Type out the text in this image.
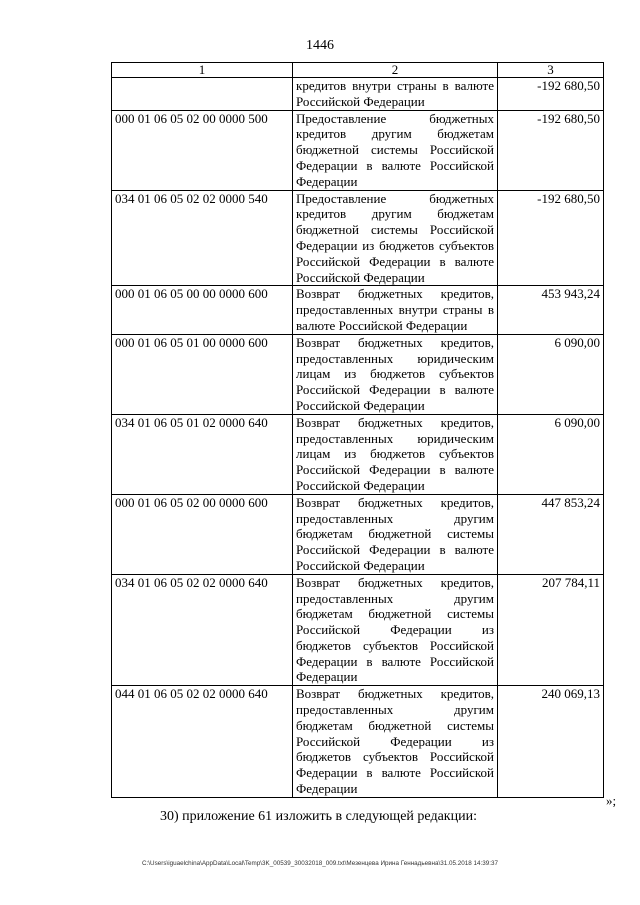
1446
1	2	3
	кредитов внутри страны в валюте Российской Федерации	-192 680,50
000 01 06 05 02 00 0000 500	Предоставление бюджетных кредитов другим бюджетам бюджетной системы Российской Федерации в валюте Российской Федерации	-192 680,50
034 01 06 05 02 02 0000 540	Предоставление бюджетных кредитов другим бюджетам бюджетной системы Российской Федерации из бюджетов субъектов Российской Федерации в валюте Российской Федерации	-192 680,50
000 01 06 05 00 00 0000 600	Возврат бюджетных кредитов, предоставленных внутри страны в валюте Российской Федерации	453 943,24
000 01 06 05 01 00 0000 600	Возврат бюджетных кредитов, предоставленных юридическим лицам из бюджетов субъектов Российской Федерации в валюте Российской Федерации	6 090,00
034 01 06 05 01 02 0000 640	Возврат бюджетных кредитов, предоставленных юридическим лицам из бюджетов субъектов Российской Федерации в валюте Российской Федерации	6 090,00
000 01 06 05 02 00 0000 600	Возврат бюджетных кредитов, предоставленных другим бюджетам бюджетной системы Российской Федерации в валюте Российской Федерации	447 853,24
034 01 06 05 02 02 0000 640	Возврат бюджетных кредитов, предоставленных другим бюджетам бюджетной системы Российской Федерации из бюджетов субъектов Российской Федерации в валюте Российской Федерации	207 784,11
044 01 06 05 02 02 0000 640	Возврат бюджетных кредитов, предоставленных другим бюджетам бюджетной системы Российской Федерации из бюджетов субъектов Российской Федерации в валюте Российской Федерации	240 069,13
»;
30) приложение 61 изложить в следующей редакции:
C:\Users\iguaelchina\AppData\Local\Temp\3K_00539_30032018_009.txt\Мезенцева Ирина Геннадьевна\31.05.2018 14:39:37
